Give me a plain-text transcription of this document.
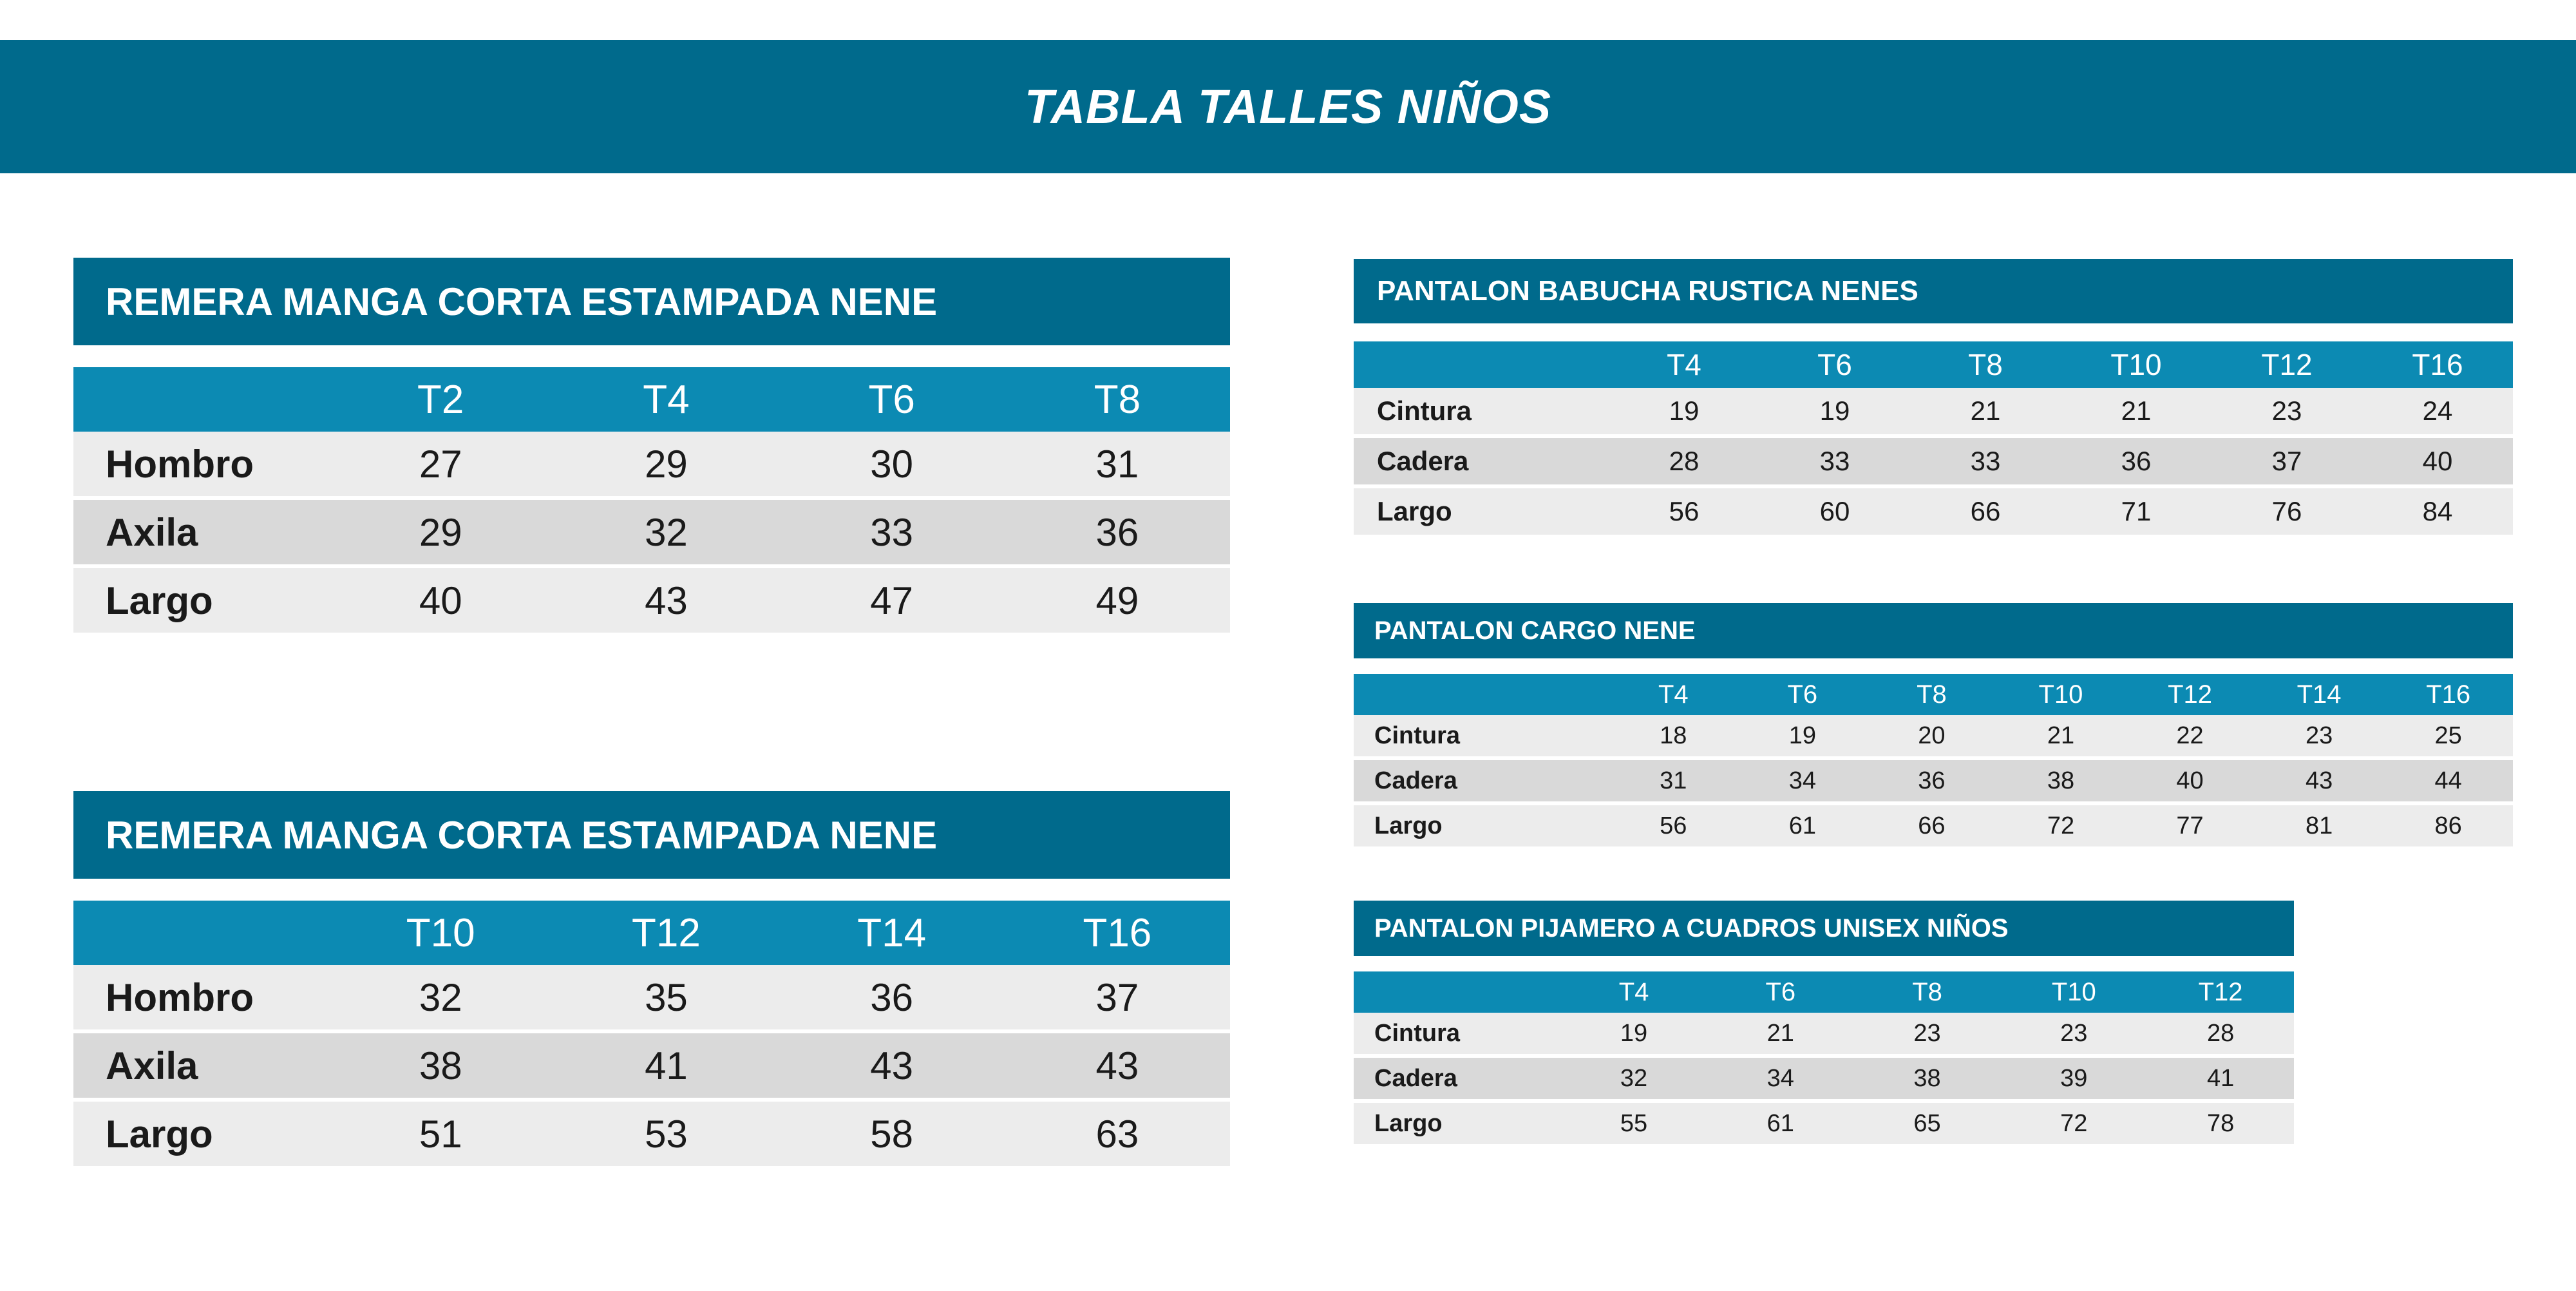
TABLA TALLES NIÑOS
REMERA MANGA CORTA ESTAMPADA NENE
	T2	T4	T6	T8
Hombro	27	29	30	31
Axila	29	32	33	36
Largo	40	43	47	49
REMERA MANGA CORTA ESTAMPADA NENE
	T10	T12	T14	T16
Hombro	32	35	36	37
Axila	38	41	43	43
Largo	51	53	58	63
PANTALON BABUCHA RUSTICA NENES
	T4	T6	T8	T10	T12	T16
Cintura	19	19	21	21	23	24
Cadera	28	33	33	36	37	40
Largo	56	60	66	71	76	84
PANTALON CARGO NENE
	T4	T6	T8	T10	T12	T14	T16
Cintura	18	19	20	21	22	23	25
Cadera	31	34	36	38	40	43	44
Largo	56	61	66	72	77	81	86
PANTALON PIJAMERO A CUADROS UNISEX NIÑOS
	T4	T6	T8	T10	T12
Cintura	19	21	23	23	28
Cadera	32	34	38	39	41
Largo	55	61	65	72	78
